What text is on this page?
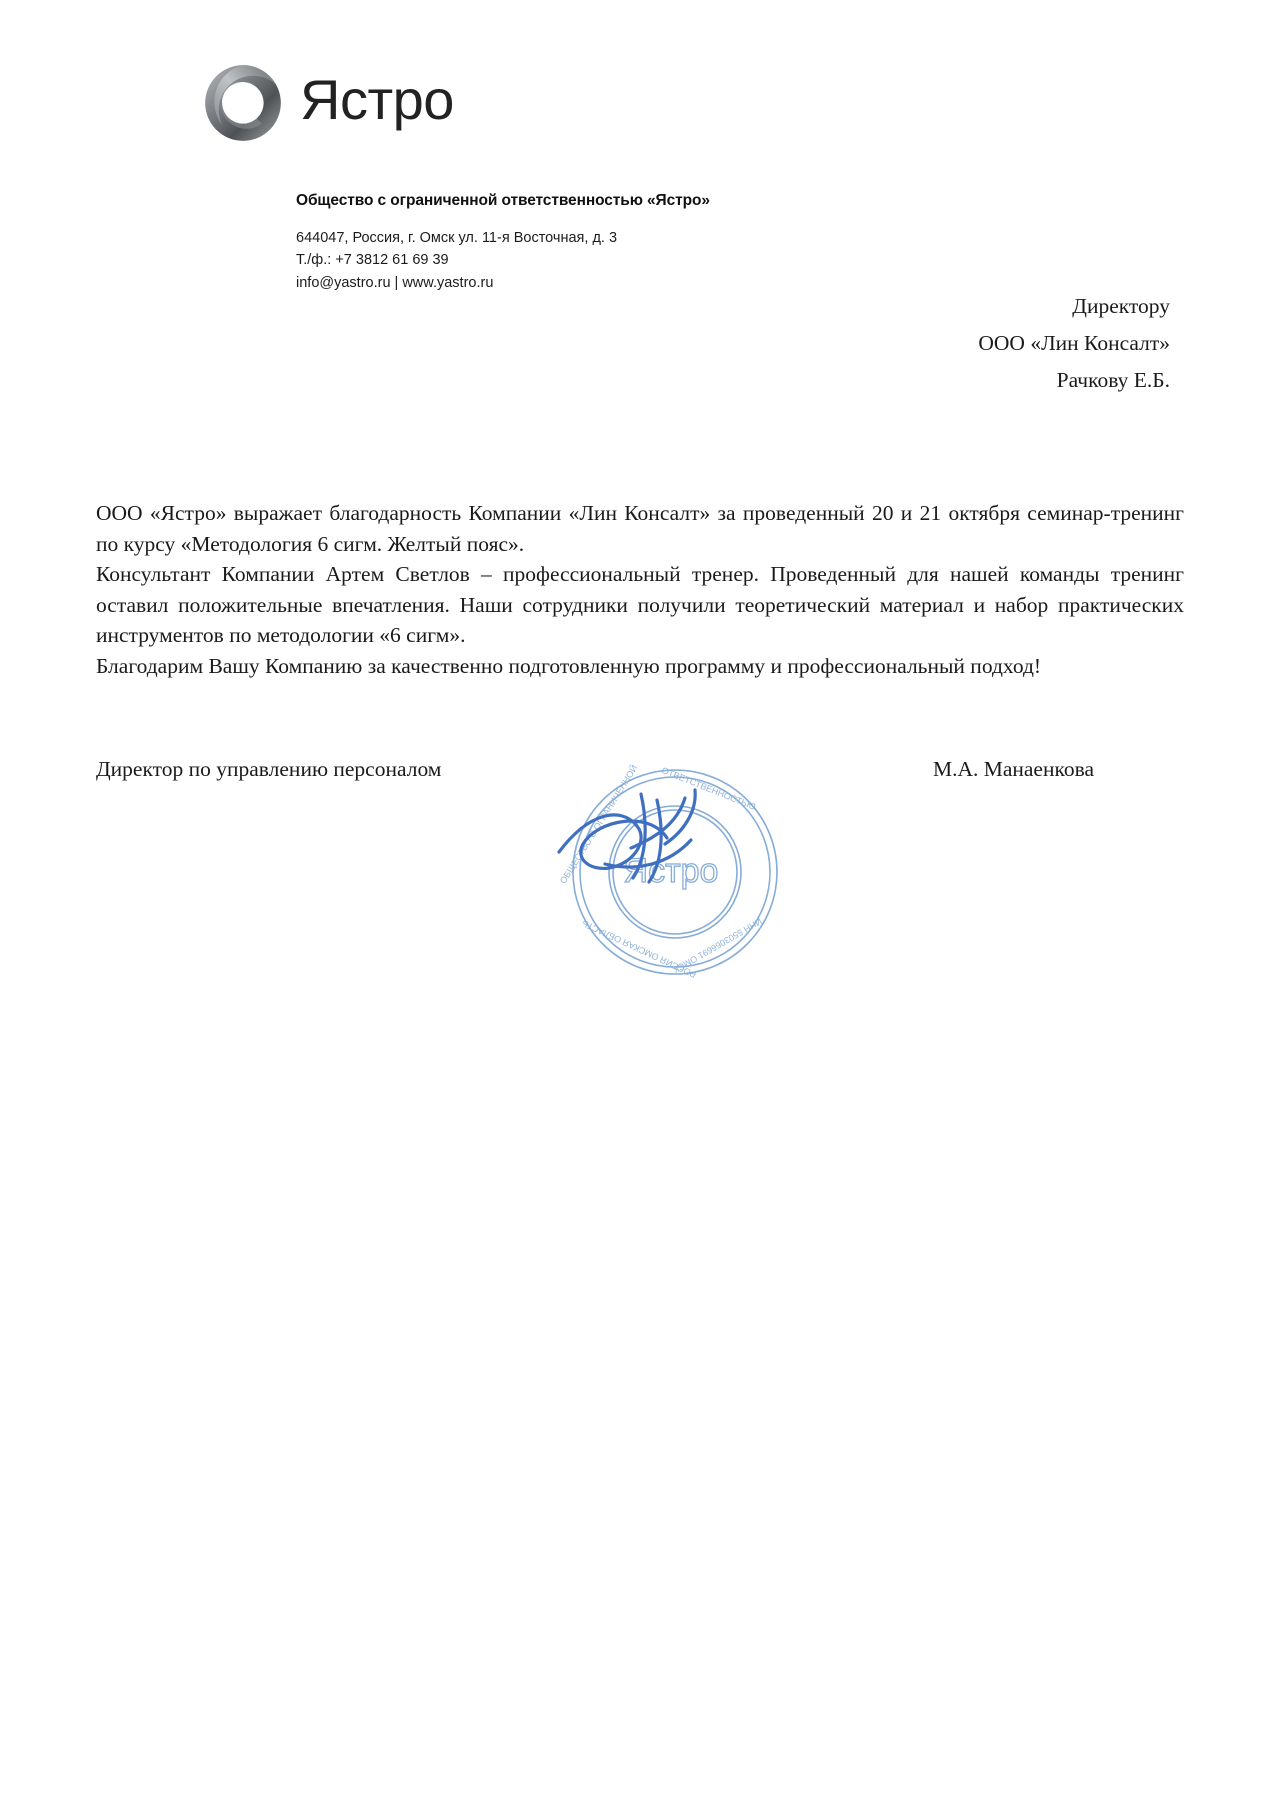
Ястро
Общество с ограниченной ответственностью «Ястро»
644047, Россия, г. Омск ул. 11-я Восточная, д. 3
Т./ф.: +7 3812 61 69 39
info@yastro.ru | www.yastro.ru
Директору
ООО «Лин Консалт»
Рачкову Е.Б.

ООО «Ястро» выражает благодарность Компании «Лин Консалт» за проведенный 20 и 21 октября семинар-тренинг по курсу «Методология 6 сигм. Желтый пояс».

Консультант Компании Артем Светлов – профессиональный тренер. Проведенный для нашей команды тренинг оставил положительные впечатления. Наши сотрудники получили теоретический материал и набор практических инструментов по методологии «6 сигм».

Благодарим Вашу Компанию за качественно подготовленную программу и профессиональный подход!

Директор по управлению персоналом	М.А. Манаенкова
ОБЩЕСТВО С ОГРАНИЧЕННОЙ ОТВЕТСТВЕННОСТЬЮ
ИНН 5503066691 ОМСК
РОССИЯ ОМСКАЯ ОБЛАСТЬ
Ястро
